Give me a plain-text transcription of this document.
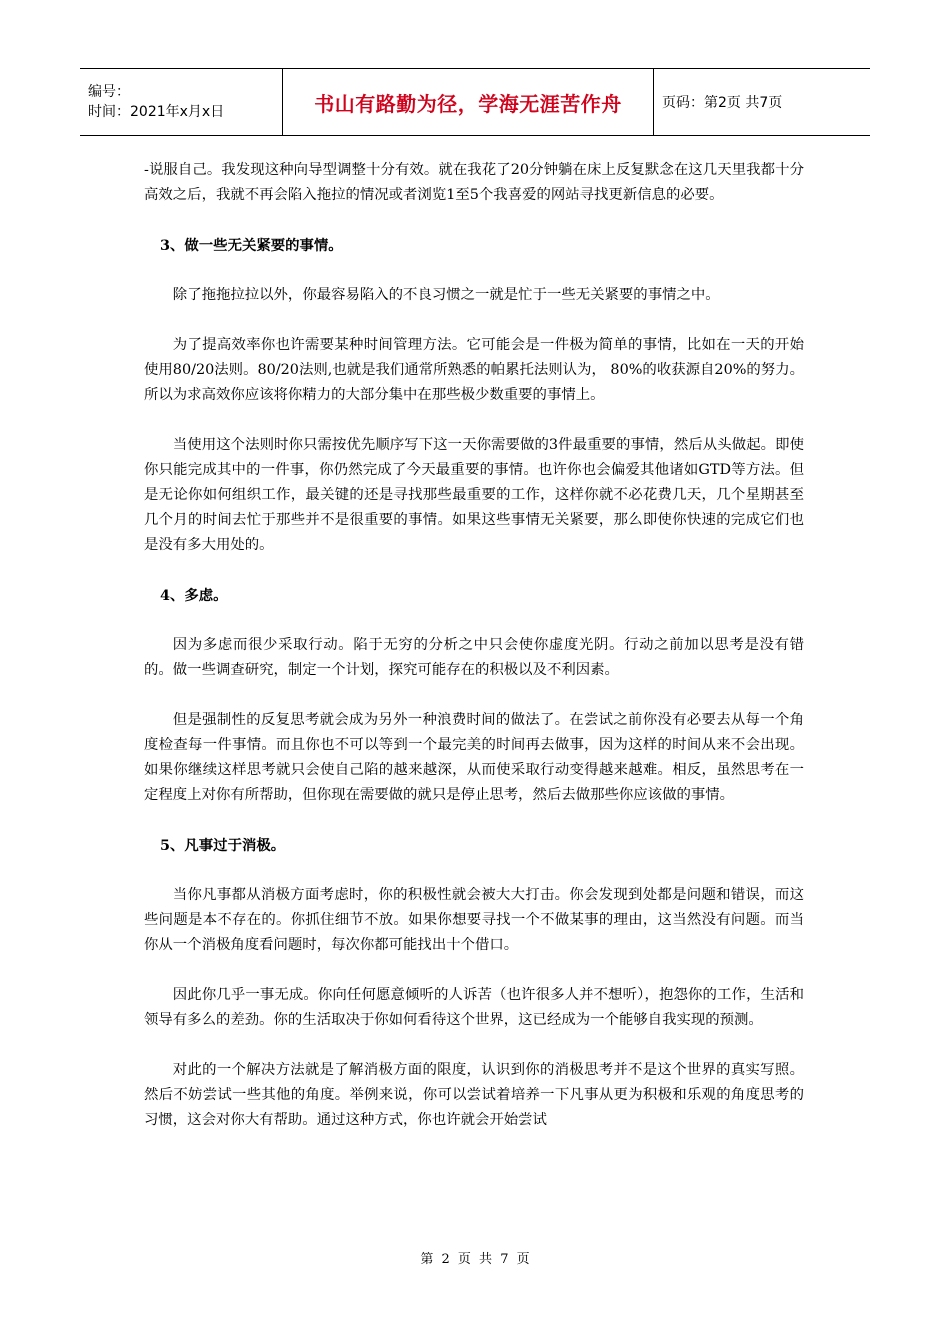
编号：
时间：2021年x月x日	书山有路勤为径，学海无涯苦作舟	页码：第2页 共7页

-说服自己。我发现这种向导型调整十分有效。就在我花了20分钟躺在床上反复默念在这几天里我都十分高效之后，我就不再会陷入拖拉的情况或者浏览1至5个我喜爱的网站寻找更新信息的必要。

3、做一些无关紧要的事情。

除了拖拖拉拉以外，你最容易陷入的不良习惯之一就是忙于一些无关紧要的事情之中。

为了提高效率你也许需要某种时间管理方法。它可能会是一件极为简单的事情，比如在一天的开始使用80/20法则。80/20法则,也就是我们通常所熟悉的帕累托法则认为， 80%的收获源自20%的努力。所以为求高效你应该将你精力的大部分集中在那些极少数重要的事情上。

当使用这个法则时你只需按优先顺序写下这一天你需要做的3件最重要的事情，然后从头做起。即使你只能完成其中的一件事，你仍然完成了今天最重要的事情。也许你也会偏爱其他诸如GTD等方法。但是无论你如何组织工作，最关键的还是寻找那些最重要的工作，这样你就不必花费几天，几个星期甚至几个月的时间去忙于那些并不是很重要的事情。如果这些事情无关紧要，那么即使你快速的完成它们也是没有多大用处的。

4、多虑。

因为多虑而很少采取行动。陷于无穷的分析之中只会使你虚度光阴。行动之前加以思考是没有错的。做一些调查研究，制定一个计划，探究可能存在的积极以及不利因素。

但是强制性的反复思考就会成为另外一种浪费时间的做法了。在尝试之前你没有必要去从每一个角度检查每一件事情。而且你也不可以等到一个最完美的时间再去做事，因为这样的时间从来不会出现。如果你继续这样思考就只会使自己陷的越来越深，从而使采取行动变得越来越难。相反，虽然思考在一定程度上对你有所帮助，但你现在需要做的就只是停止思考，然后去做那些你应该做的事情。

5、凡事过于消极。

当你凡事都从消极方面考虑时，你的积极性就会被大大打击。你会发现到处都是问题和错误，而这些问题是本不存在的。你抓住细节不放。如果你想要寻找一个不做某事的理由，这当然没有问题。而当你从一个消极角度看问题时，每次你都可能找出十个借口。

因此你几乎一事无成。你向任何愿意倾听的人诉苦（也许很多人并不想听），抱怨你的工作，生活和领导有多么的差劲。你的生活取决于你如何看待这个世界，这已经成为一个能够自我实现的预测。

对此的一个解决方法就是了解消极方面的限度，认识到你的消极思考并不是这个世界的真实写照。然后不妨尝试一些其他的角度。举例来说，你可以尝试着培养一下凡事从更为积极和乐观的角度思考的习惯，这会对你大有帮助。通过这种方式，你也许就会开始尝试

第 2 页 共 7 页
